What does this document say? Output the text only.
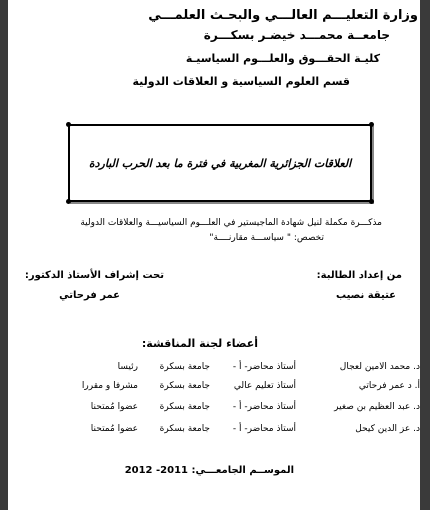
وزارة التعليـــم العالـــي والبحـث العلمـــي
جامعــة محمـــد خيضـر بسكـــرة
كليـة الحقـــوق والعلـــوم السياسيـة
قسم العلوم السياسية و العلاقات الدولية
العلاقات الجزائرية المغربية في فترة ما بعد الحرب الباردة
مذكـــرة مكملة لنيل شهادة الماجيستير في العلـــوم السياسيـــة والعلاقات الدولية
تخصص: " سياســـة مقارنــــة"
من إعداد الطالبة:
عتيقة نصيب
تحت إشراف الأستاذ الدكتور:
عمر فرحاتي
أعضاء لجنة المناقشة:
د. محمد الامين لعجال
أستاذ محاضر- أ -
جامعة بسكرة
رئيسا
أ. د عمر فرحاتي
أستاذ تعليم عالي
جامعة بسكرة
مشرفا و مقررا
د. عبد العظيم بن صغير
أستاذ محاضر- أ -
جامعة بسكرة
عضوا مُمتحنا
د. عز الدين كيحل
أستاذ محاضر- أ -
جامعة بسكرة
عضوا مُمتحنا
الموســم الجامعـــي: 2011- 2012
